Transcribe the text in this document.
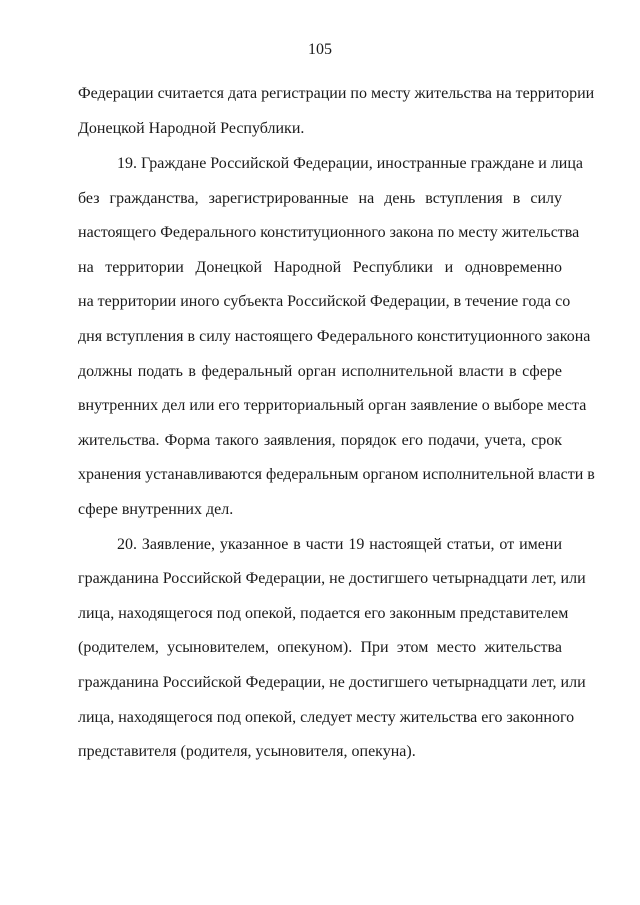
105
Федерации считается дата регистрации по месту жительства на территории
Донецкой Народной Республики.
19. Граждане Российской Федерации, иностранные граждане и лица
без гражданства, зарегистрированные на день вступления в силу
настоящего Федерального конституционного закона по месту жительства
на территории Донецкой Народной Республики и одновременно
на территории иного субъекта Российской Федерации, в течение года со
дня вступления в силу настоящего Федерального конституционного закона
должны подать в федеральный орган исполнительной власти в сфере
внутренних дел или его территориальный орган заявление о выборе места
жительства. Форма такого заявления, порядок его подачи, учета, срок
хранения устанавливаются федеральным органом исполнительной власти в
сфере внутренних дел.
20. Заявление, указанное в части 19 настоящей статьи, от имени
гражданина Российской Федерации, не достигшего четырнадцати лет, или
лица, находящегося под опекой, подается его законным представителем
(родителем, усыновителем, опекуном). При этом место жительства
гражданина Российской Федерации, не достигшего четырнадцати лет, или
лица, находящегося под опекой, следует месту жительства его законного
представителя (родителя, усыновителя, опекуна).
